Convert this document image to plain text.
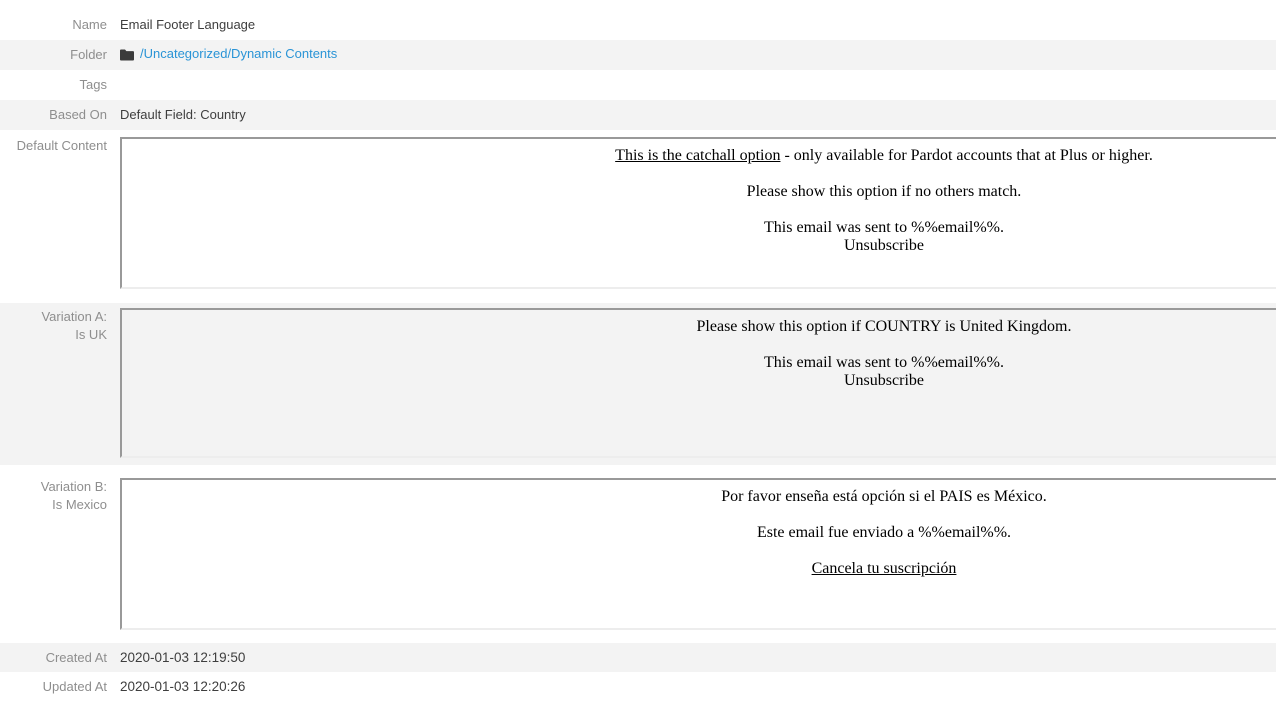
Name	Email Footer Language
Folder	/Uncategorized/Dynamic Contents
Tags
Based On	Default Field: Country
Default Content

This is the catchall option - only available for Pardot accounts that at Plus or higher.

Please show this option if no others match.

This email was sent to %%email%%.
Unsubscribe

Variation A:
Is UK	Please show this option if COUNTRY is United Kingdom.

This email was sent to %%email%%.
Unsubscribe

Variation B:
Is Mexico	Por favor enseña está opción si el PAIS es México.

Este email fue enviado a %%email%%.

Cancela tu suscripción

Created At 2020-01-03 12:19:50
Updated At 2020-01-03 12:20:26
